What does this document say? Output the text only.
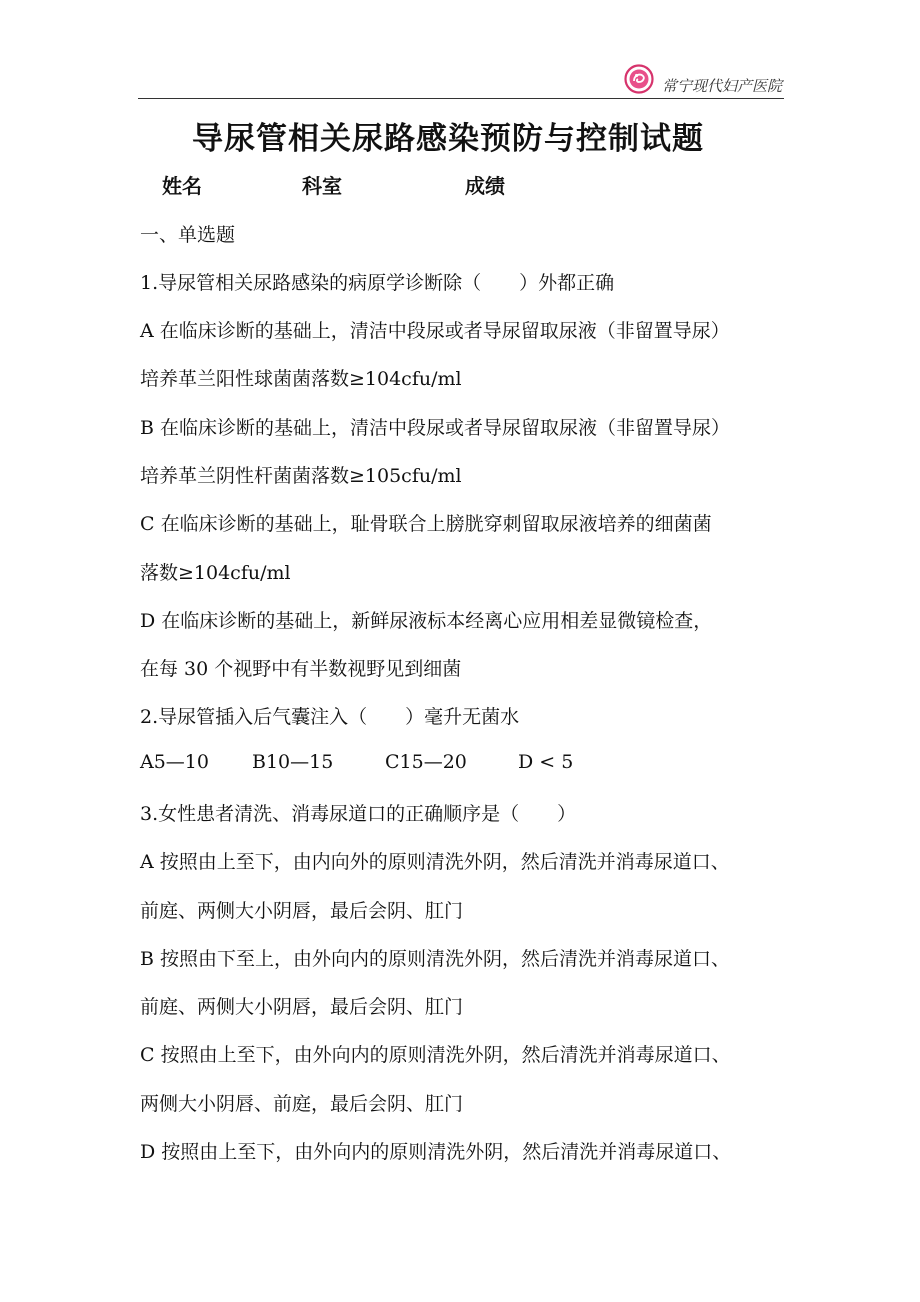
常宁现代妇产医院
导尿管相关尿路感染预防与控制试题
姓名	科室	成绩
一、单选题
1.导尿管相关尿路感染的病原学诊断除（　　）外都正确
A 在临床诊断的基础上，清洁中段尿或者导尿留取尿液（非留置导尿）
培养革兰阳性球菌菌落数≥104cfu/ml
B 在临床诊断的基础上，清洁中段尿或者导尿留取尿液（非留置导尿）
培养革兰阴性杆菌菌落数≥105cfu/ml
C 在临床诊断的基础上，耻骨联合上膀胱穿刺留取尿液培养的细菌菌
落数≥104cfu/ml
D 在临床诊断的基础上，新鲜尿液标本经离心应用相差显微镜检查，
在每 30 个视野中有半数视野见到细菌
2.导尿管插入后气囊注入（　　）毫升无菌水
A5—10 B10—15	C15—20	D < 5
3.女性患者清洗、消毒尿道口的正确顺序是（　　）
A 按照由上至下，由内向外的原则清洗外阴，然后清洗并消毒尿道口、
前庭、两侧大小阴唇，最后会阴、肛门
B 按照由下至上，由外向内的原则清洗外阴，然后清洗并消毒尿道口、
前庭、两侧大小阴唇，最后会阴、肛门
C 按照由上至下，由外向内的原则清洗外阴，然后清洗并消毒尿道口、
两侧大小阴唇、前庭，最后会阴、肛门
D 按照由上至下，由外向内的原则清洗外阴，然后清洗并消毒尿道口、
